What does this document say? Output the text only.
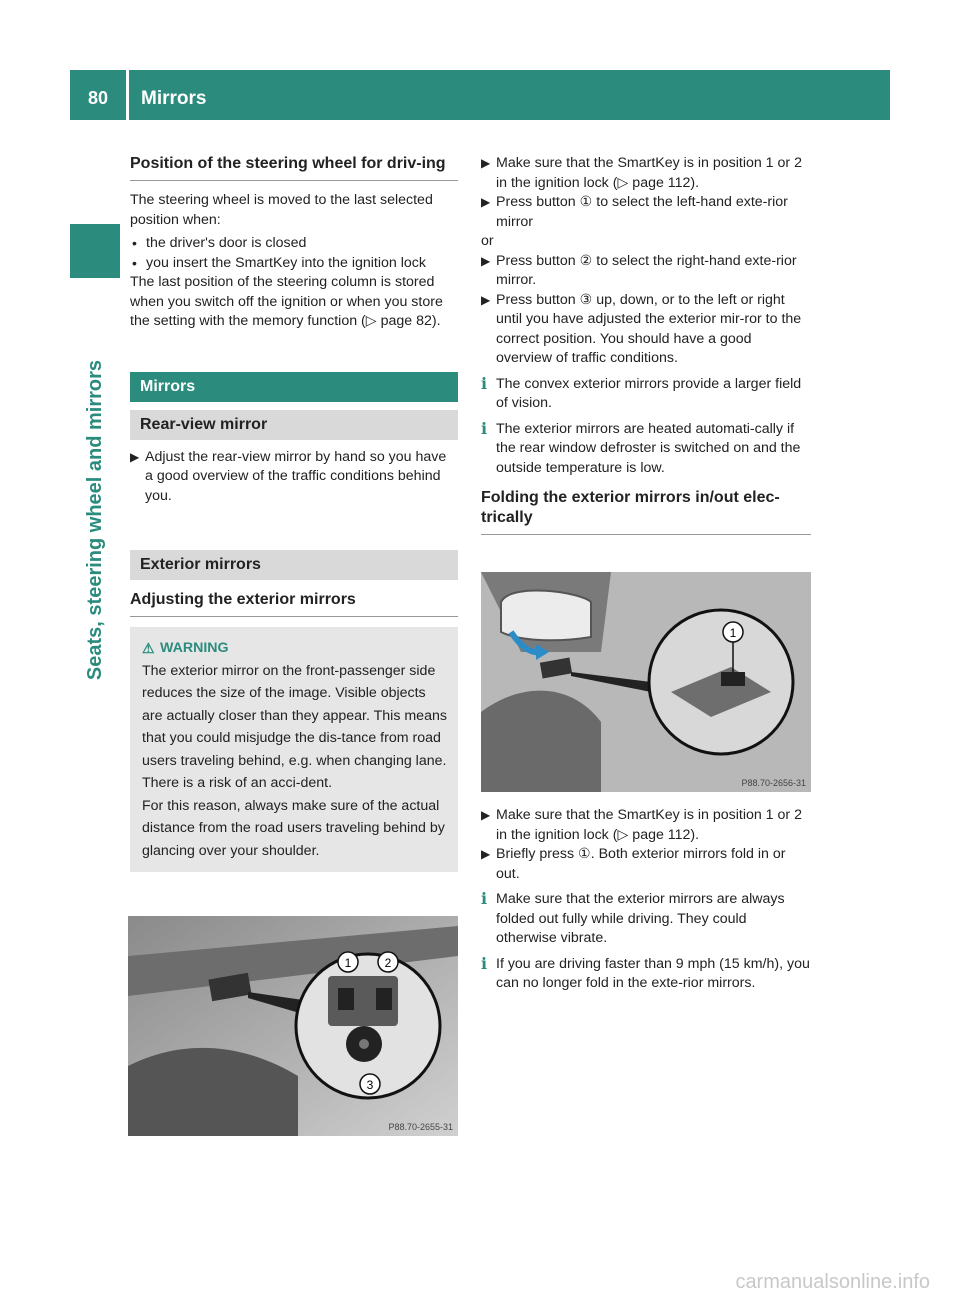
80	Mirrors
Seats, steering wheel and mirrors
Position of the steering wheel for driv-ing

The steering wheel is moved to the last selected position when:

• the driver's door is closed
• you insert the SmartKey into the ignition lock

The last position of the steering column is stored when you switch off the ignition or when you store the setting with the memory function (▷ page 82).

Mirrors
Rear-view mirror
▶ Adjust the rear-view mirror by hand so you have a good overview of the traffic conditions behind you.
Exterior mirrors
Adjusting the exterior mirrors
⚠ WARNING

The exterior mirror on the front-passenger side reduces the size of the image. Visible objects are actually closer than they appear. This means that you could misjudge the dis-tance from road users traveling behind, e.g. when changing lane. There is a risk of an acci-dent.

For this reason, always make sure of the actual distance from the road users traveling behind by glancing over your shoulder.

1	2
3
P88.70-2655-31
▶ Make sure that the SmartKey is in position 1 or 2 in the ignition lock (▷ page 112).
▶ Press button ① to select the left-hand exte-rior mirror

or

▶ Press button ② to select the right-hand exte-rior mirror.
▶ Press button ③ up, down, or to the left or right until you have adjusted the exterior mir-ror to the correct position. You should have a good overview of traffic conditions.
i The convex exterior mirrors provide a larger field of vision.
i The exterior mirrors are heated automati-cally if the rear window defroster is switched on and the outside temperature is low.
Folding the exterior mirrors in/out elec-trically
1
P88.70-2656-31
▶ Make sure that the SmartKey is in position 1 or 2 in the ignition lock (▷ page 112).
▶ Briefly press ①. Both exterior mirrors fold in or out.
i Make sure that the exterior mirrors are always folded out fully while driving. They could otherwise vibrate.
i If you are driving faster than 9 mph (15 km/h), you can no longer fold in the exte-rior mirrors.
carmanualsonline.info
